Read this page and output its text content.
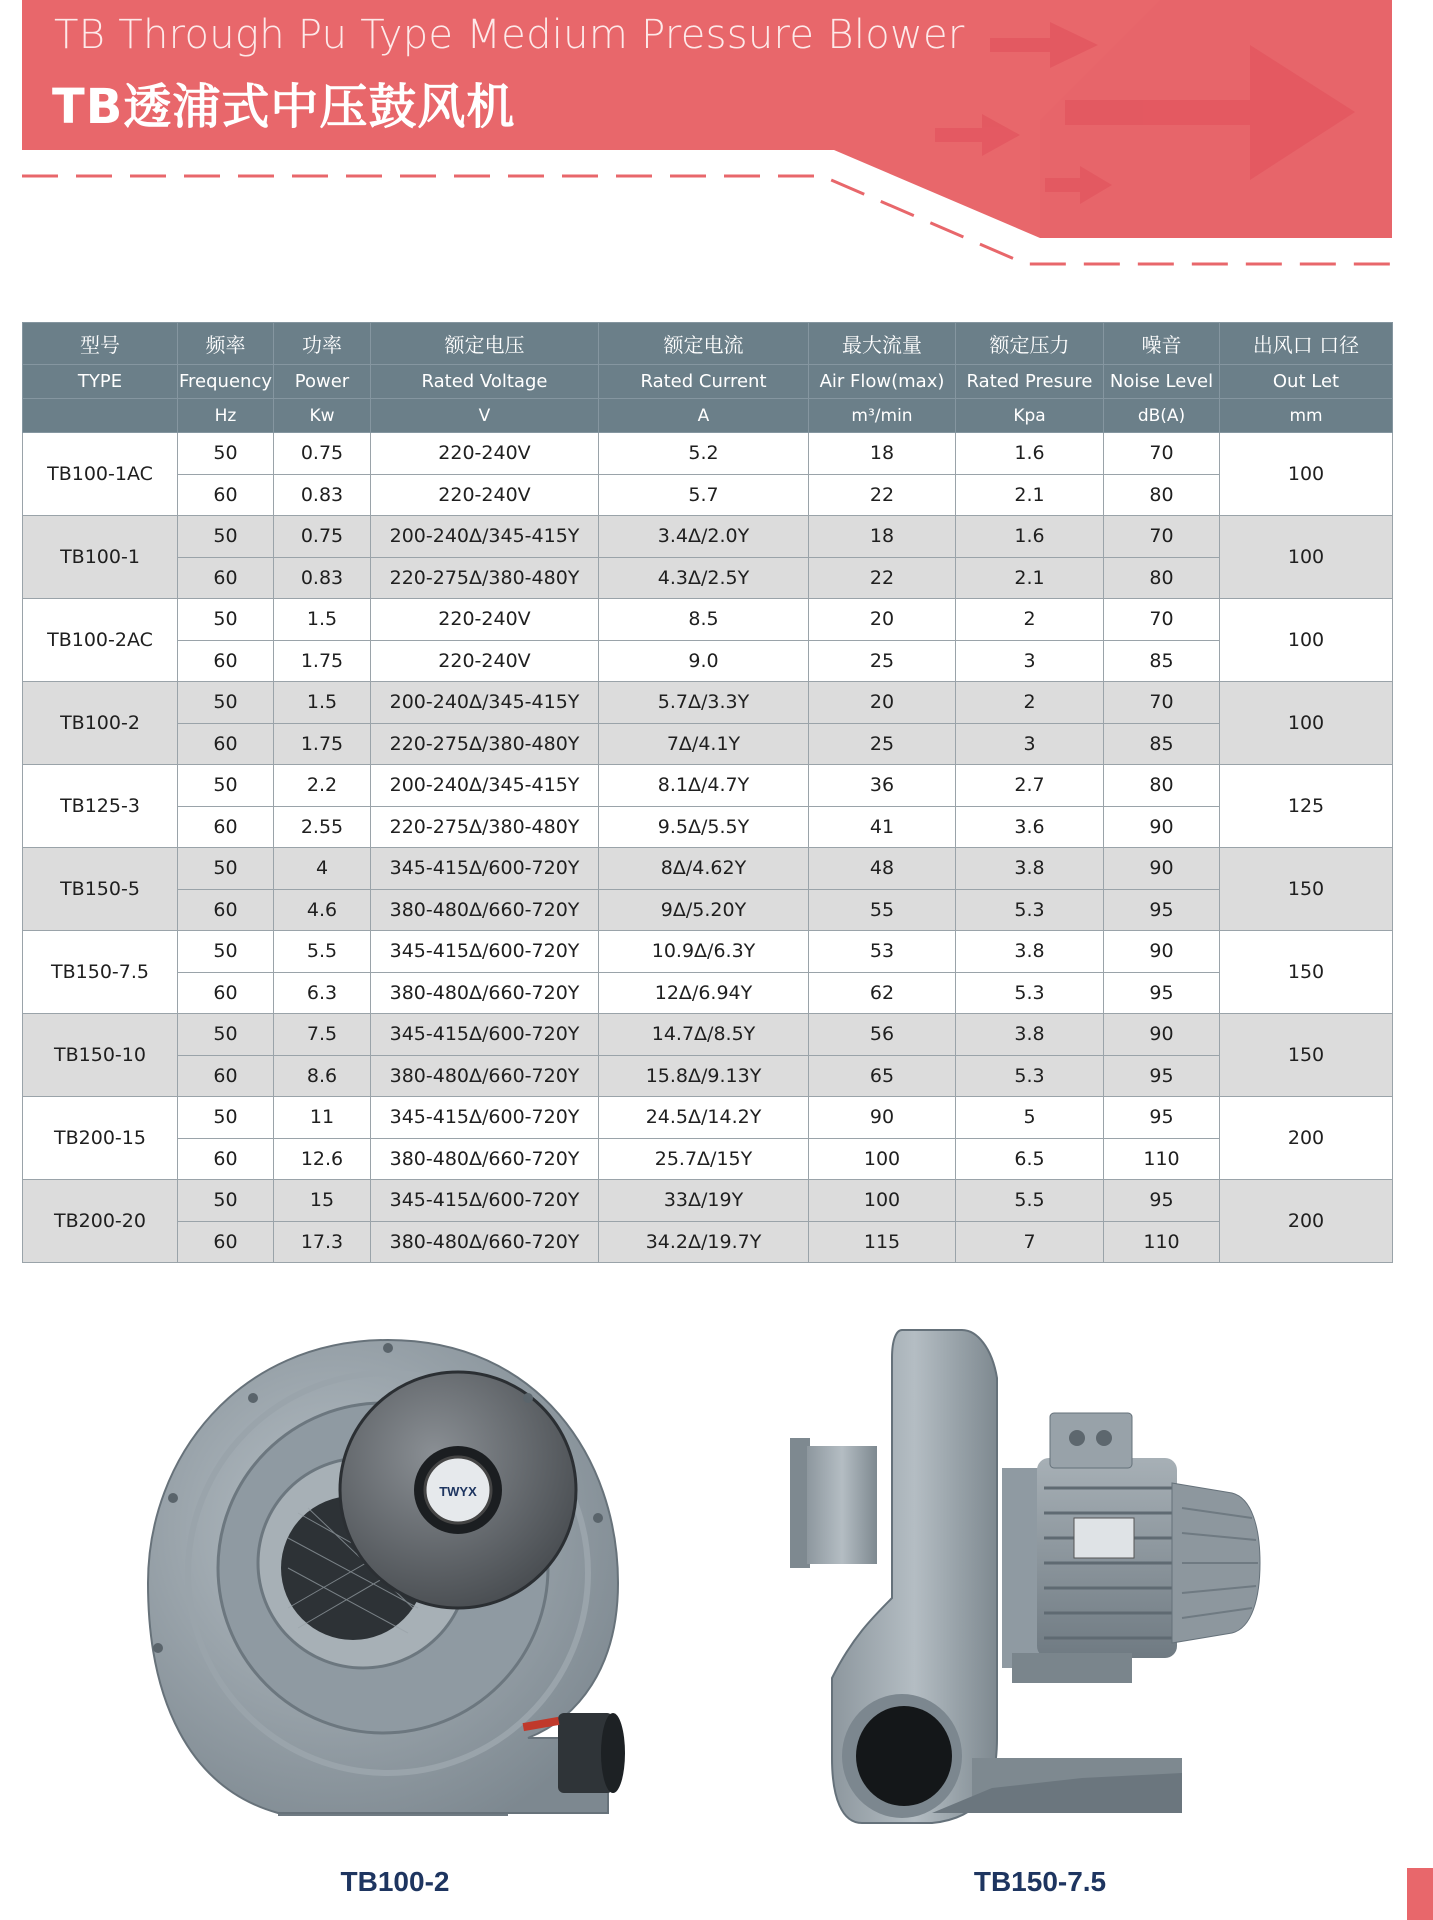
TB Through Pu Type Medium Pressure Blower
TB透浦式中压鼓风机
型号	频率	功率	额定电压	额定电流	最大流量	额定压力	噪音	出风口 口径
TYPE	Frequency	Power	Rated Voltage	Rated Current	Air Flow(max)	Rated Presure	Noise Level	Out Let
	Hz	Kw	V	A	m³/min	Kpa	dB(A)	mm
TB100-1AC	50	0.75	220-240V	5.2	18	1.6	70	100
	60	0.83	220-240V	5.7	22	2.1	80	
TB100-1	50	0.75	200-240Δ/345-415Y	3.4Δ/2.0Y	18	1.6	70	100
	60	0.83	220-275Δ/380-480Y	4.3Δ/2.5Y	22	2.1	80	
TB100-2AC	50	1.5	220-240V	8.5	20	2	70	100
	60	1.75	220-240V	9.0	25	3	85	
TB100-2	50	1.5	200-240Δ/345-415Y	5.7Δ/3.3Y	20	2	70	100
	60	1.75	220-275Δ/380-480Y	7Δ/4.1Y	25	3	85	
TB125-3	50	2.2	200-240Δ/345-415Y	8.1Δ/4.7Y	36	2.7	80	125
	60	2.55	220-275Δ/380-480Y	9.5Δ/5.5Y	41	3.6	90	
TB150-5	50	4	345-415Δ/600-720Y	8Δ/4.62Y	48	3.8	90	150
	60	4.6	380-480Δ/660-720Y	9Δ/5.20Y	55	5.3	95	
TB150-7.5	50	5.5	345-415Δ/600-720Y	10.9Δ/6.3Y	53	3.8	90	150
	60	6.3	380-480Δ/660-720Y	12Δ/6.94Y	62	5.3	95	
TB150-10	50	7.5	345-415Δ/600-720Y	14.7Δ/8.5Y	56	3.8	90	150
	60	8.6	380-480Δ/660-720Y	15.8Δ/9.13Y	65	5.3	95	
TB200-15	50	11	345-415Δ/600-720Y	24.5Δ/14.2Y	90	5	95	200
	60	12.6	380-480Δ/660-720Y	25.7Δ/15Y	100	6.5	110	
TB200-20	50	15	345-415Δ/600-720Y	33Δ/19Y	100	5.5	95	200
	60	17.3	380-480Δ/660-720Y	34.2Δ/19.7Y	115	7	110	
TWYX
TB100-2	TB150-7.5
